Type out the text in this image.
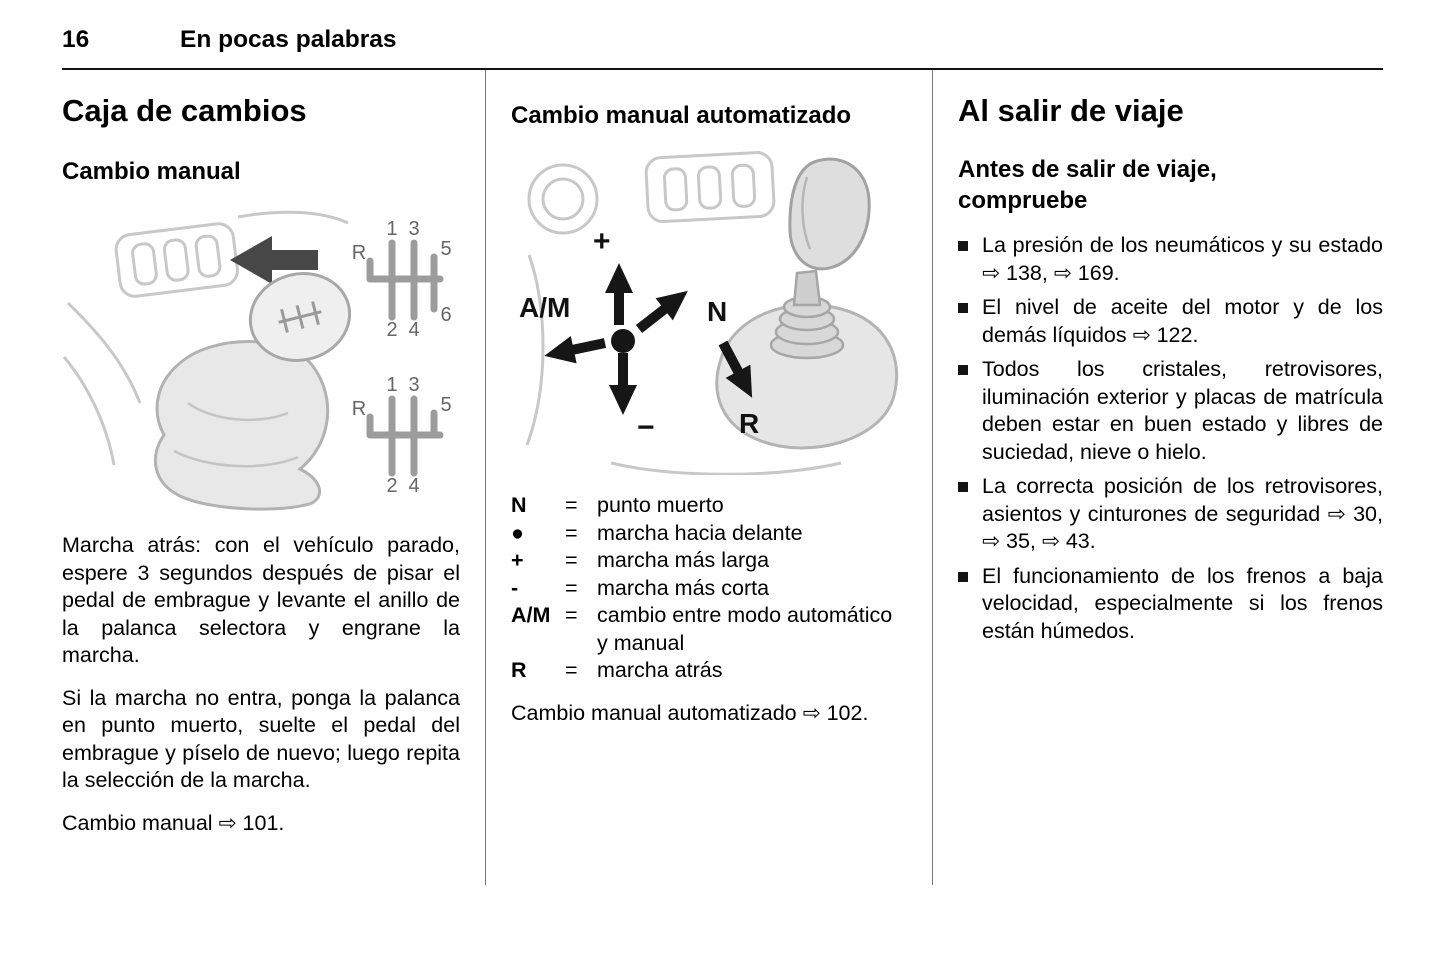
16	En pocas palabras
Caja de cambios
Cambio manual
1 3
5
R
2 4
6
1 3
5
R
2 4

Marcha atrás: con el vehículo parado, espere 3 segundos después de pisar el pedal de embrague y levante el anillo de la palanca selectora y engrane la marcha.

Si la marcha no entra, ponga la palanca en punto muerto, suelte el pedal del embrague y píselo de nuevo; luego repita la selección de la marcha.

Cambio manual ⇨ 101.

Cambio manual automatizado
+
A/M	N
−	R
N	= punto muerto
●	= marcha hacia delante
+	= marcha más larga
-	= marcha más corta
A/M = cambio entre modo automático y manual
R	= marcha atrás

Cambio manual automatizado ⇨ 102.

Al salir de viaje
Antes de salir de viaje, compruebe
La presión de los neumáticos y su estado ⇨ 138, ⇨ 169.
El nivel de aceite del motor y de los demás líquidos ⇨ 122.
Todos los cristales, retrovisores, iluminación exterior y placas de matrícula deben estar en buen estado y libres de suciedad, nieve o hielo.
La correcta posición de los retrovisores, asientos y cinturones de seguridad ⇨ 30, ⇨ 35, ⇨ 43.
El funcionamiento de los frenos a baja velocidad, especialmente si los frenos están húmedos.
